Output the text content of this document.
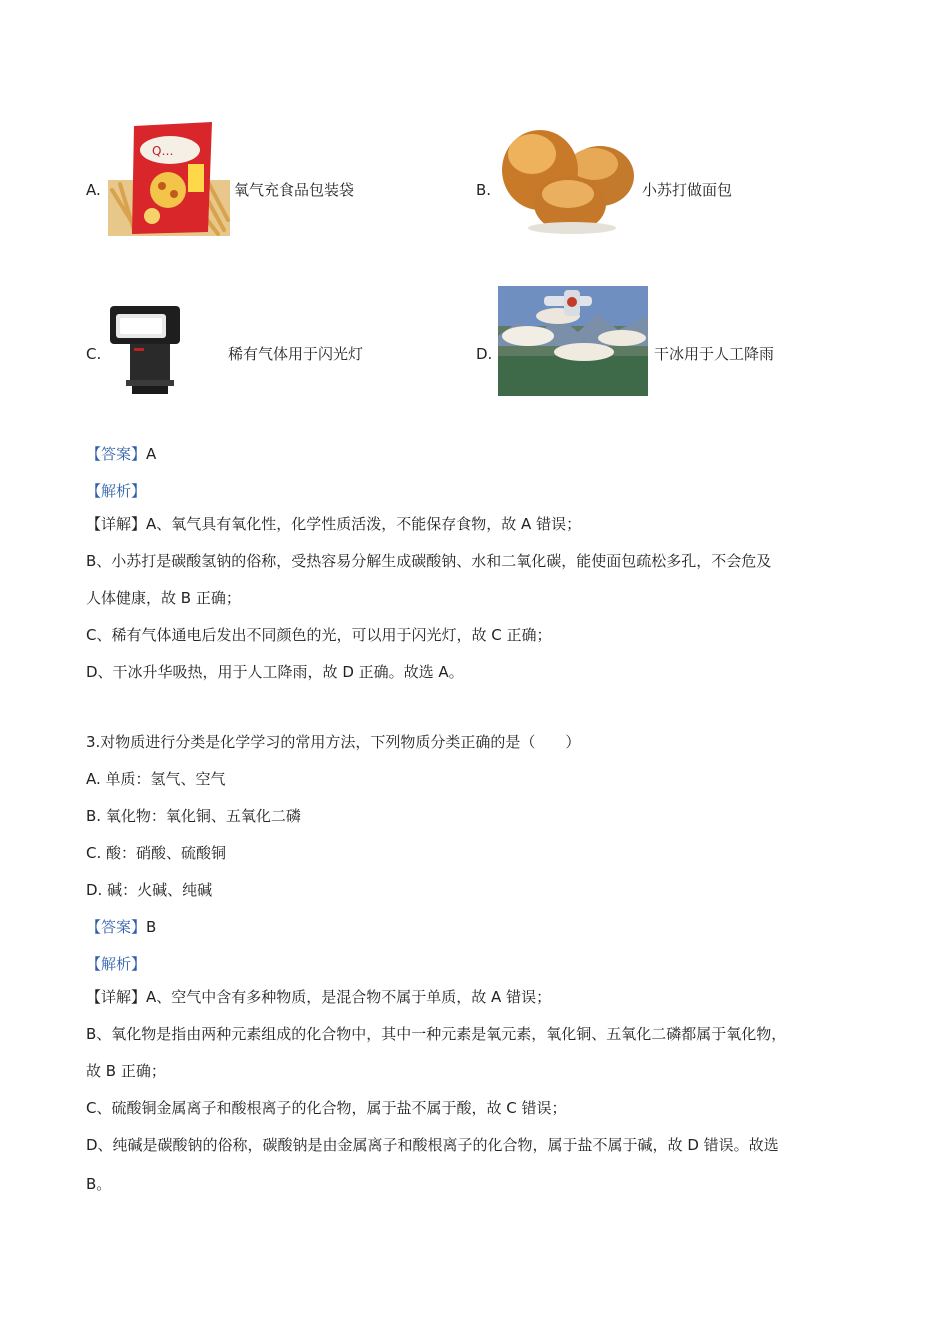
A.
Q…
氧气充食品包装袋	B.	小苏打做面包
C.	稀有气体用于闪光灯	D.	干冰用于人工降雨
【答案】A
【解析】
【详解】A、氧气具有氧化性，化学性质活泼，不能保存食物，故 A 错误；
B、小苏打是碳酸氢钠的俗称，受热容易分解生成碳酸钠、水和二氧化碳，能使面包疏松多孔，不会危及
人体健康，故 B 正确；
C、稀有气体通电后发出不同颜色的光，可以用于闪光灯，故 C 正确；
D、干冰升华吸热，用于人工降雨，故 D 正确。故选 A。
3.对物质进行分类是化学学习的常用方法，下列物质分类正确的是（　　）
A. 单质：氢气、空气
B. 氧化物：氧化铜、五氧化二磷
C. 酸：硝酸、硫酸铜
D. 碱：火碱、纯碱
【答案】B
【解析】
【详解】A、空气中含有多种物质，是混合物不属于单质，故 A 错误；
B、氧化物是指由两种元素组成的化合物中，其中一种元素是氧元素，氧化铜、五氧化二磷都属于氧化物，
故 B 正确；
C、硫酸铜金属离子和酸根离子的化合物，属于盐不属于酸，故 C 错误；
D、纯碱是碳酸钠的俗称，碳酸钠是由金属离子和酸根离子的化合物，属于盐不属于碱，故 D 错误。故选
B。
